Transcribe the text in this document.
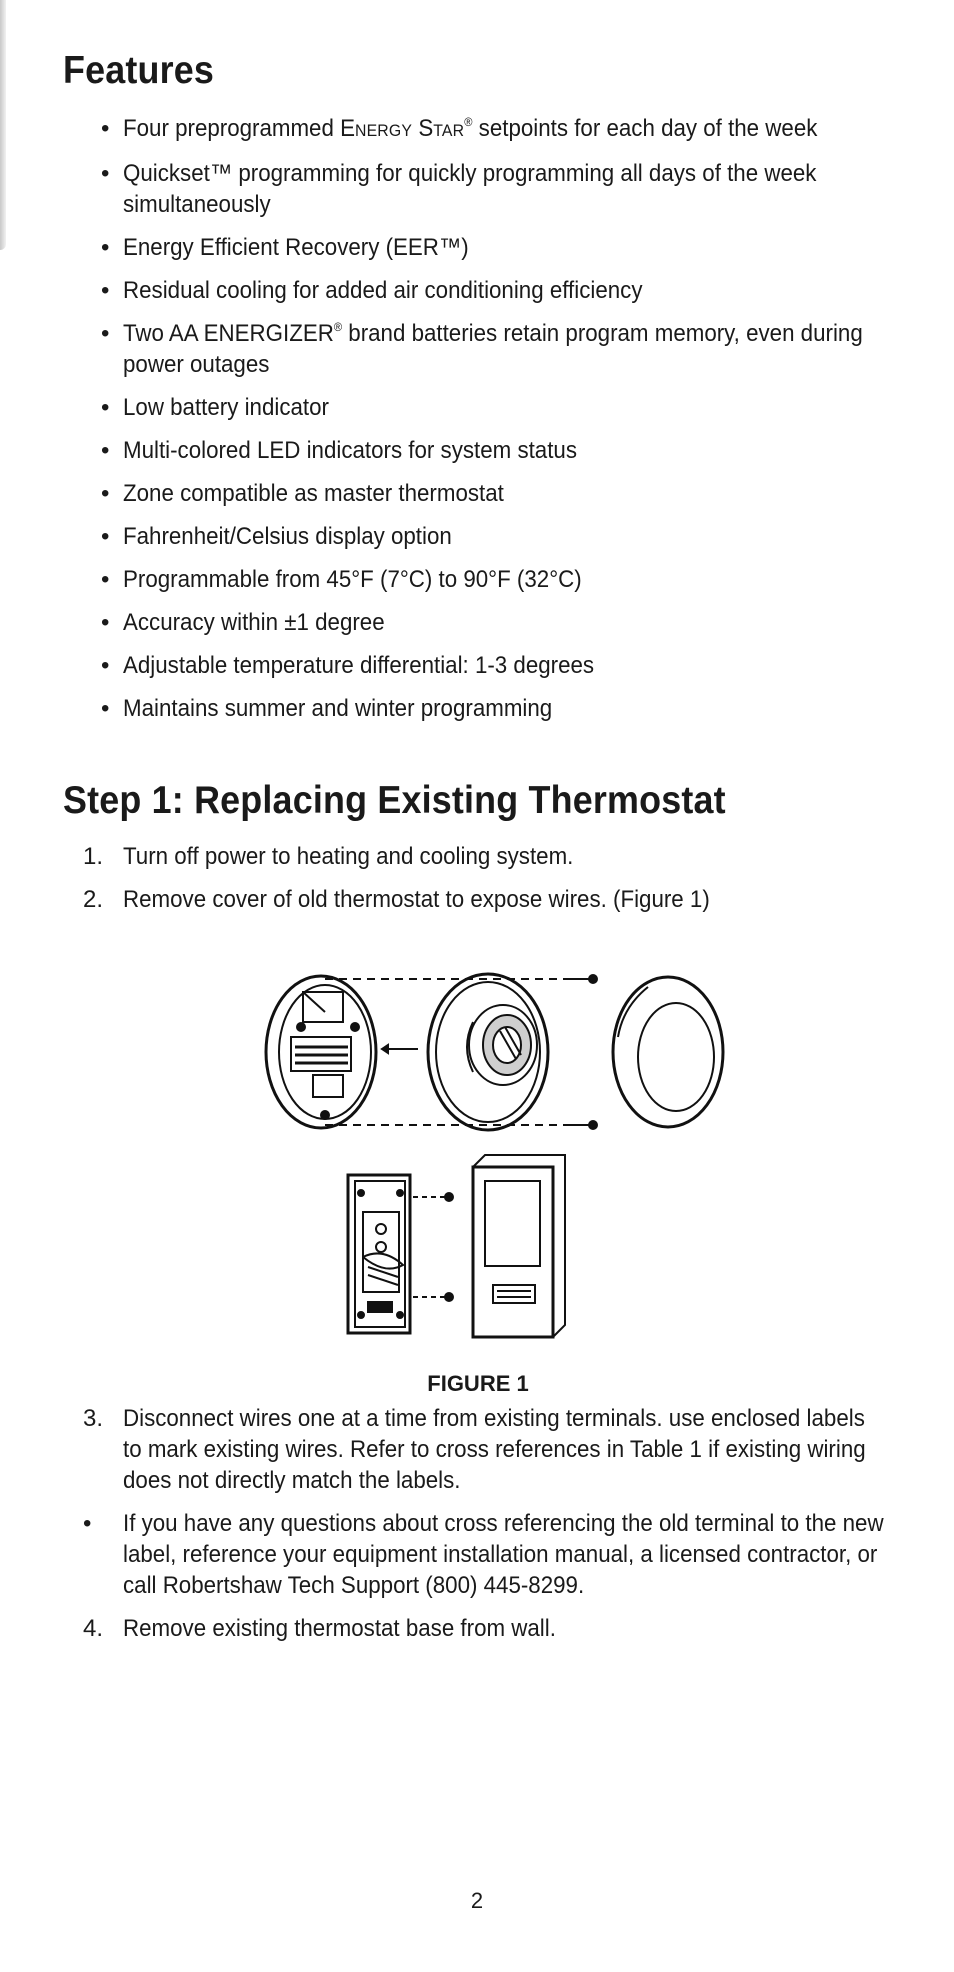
Features
• Four preprogrammed ENERGY STAR® setpoints for each day of the week
• Quickset™ programming for quickly programming all days of the week simultaneously
• Energy Efficient Recovery (EER™)
• Residual cooling for added air conditioning efficiency
• Two AA ENERGIZER® brand batteries retain program memory, even during power outages
• Low battery indicator
• Multi-colored LED indicators for system status
• Zone compatible as master thermostat
• Fahrenheit/Celsius display option
• Programmable from 45°F (7°C) to 90°F (32°C)
• Accuracy within ±1 degree
• Adjustable temperature differential: 1-3 degrees
• Maintains summer and winter programming
Step 1: Replacing Existing Thermostat
1. Turn off power to heating and cooling system.
2. Remove cover of old thermostat to expose wires. (Figure 1)
FIGURE 1
3. Disconnect wires one at a time from existing terminals. use enclosed labels to mark existing wires. Refer to cross references in Table 1 if existing wiring does not directly match the labels.
• If you have any questions about cross referencing the old terminal to the new label, reference your equipment installation manual, a licensed contractor, or call Robertshaw Tech Support (800) 445-8299.
4. Remove existing thermostat base from wall.
2
